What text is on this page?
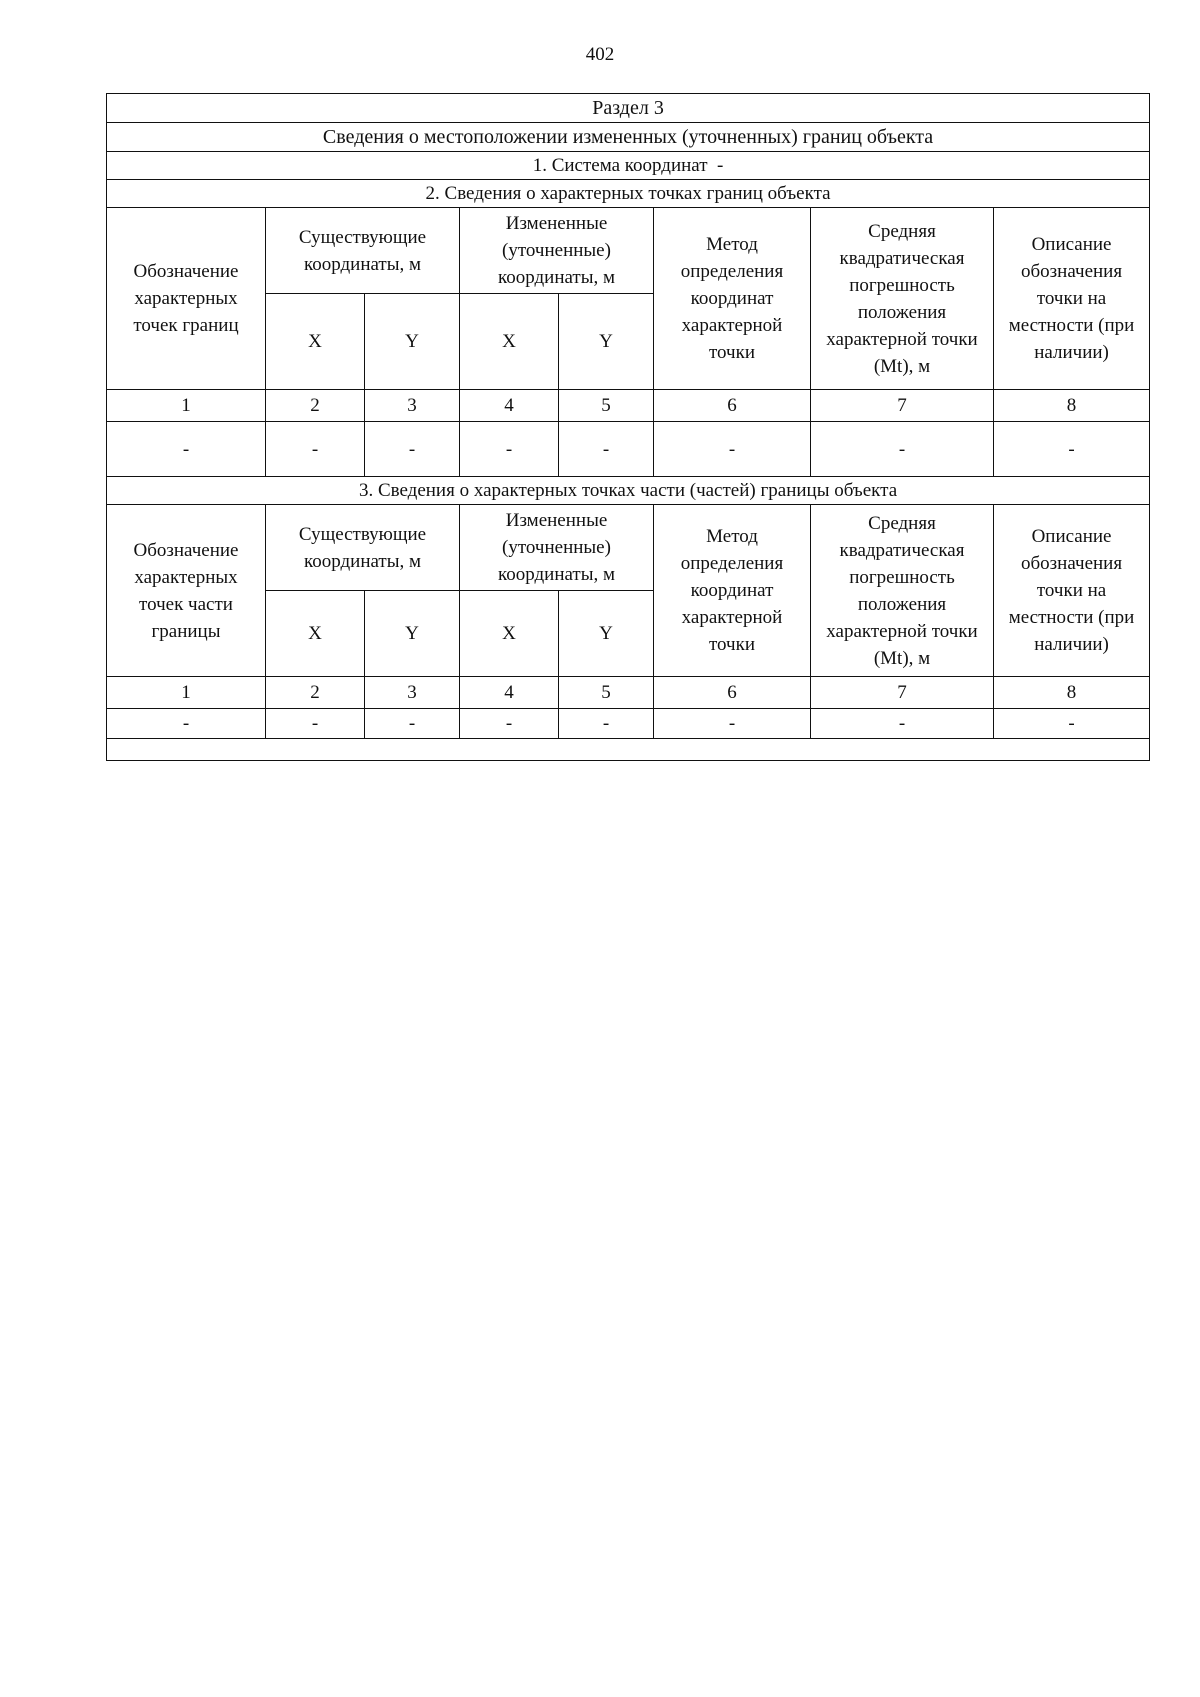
402
Раздел 3							
Сведения о местоположении измененных (уточненных) границ объекта							
1. Система координат -							
2. Сведения о характерных точках границ объекта							
Обозначение характерных точек границ	Существующие координаты, м		Измененные (уточненные) координаты, м		Метод определения координат характерной точки	Средняя квадратическая погрешность положения характерной точки (Mt), м	Описание обозначения точки на местности (при наличии)
	X	Y	X	Y			
1	2	3	4	5	6	7	8
-	-	-	-	-	-	-	-
3. Сведения о характерных точках части (частей) границы объекта							
Обозначение характерных точек части границы	Существующие координаты, м		Измененные (уточненные) координаты, м		Метод определения координат характерной точки	Средняя квадратическая погрешность положения характерной точки (Mt), м	Описание обозначения точки на местности (при наличии)
	X	Y	X	Y			
1	2	3	4	5	6	7	8
-	-	-	-	-	-	-	-
